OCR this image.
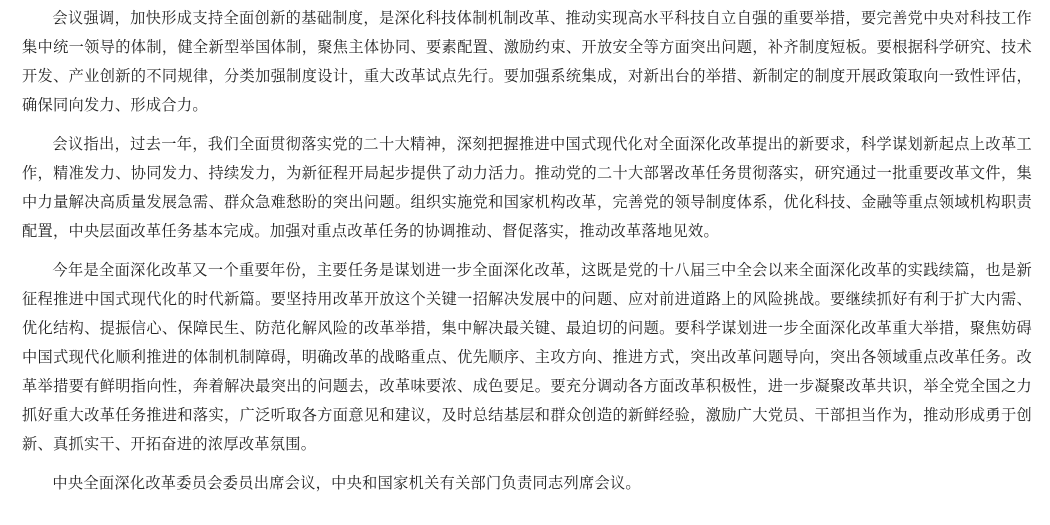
会议强调，加快形成支持全面创新的基础制度，是深化科技体制机制改革、推动实现高水平科技自立自强的重要举措，要完善党中央对科技工作集中统一领导的体制，健全新型举国体制，聚焦主体协同、要素配置、激励约束、开放安全等方面突出问题，补齐制度短板。要根据科学研究、技术开发、产业创新的不同规律，分类加强制度设计，重大改革试点先行。要加强系统集成，对新出台的举措、新制定的制度开展政策取向一致性评估，确保同向发力、形成合力。

会议指出，过去一年，我们全面贯彻落实党的二十大精神，深刻把握推进中国式现代化对全面深化改革提出的新要求，科学谋划新起点上改革工作，精准发力、协同发力、持续发力，为新征程开局起步提供了动力活力。推动党的二十大部署改革任务贯彻落实，研究通过一批重要改革文件，集中力量解决高质量发展急需、群众急难愁盼的突出问题。组织实施党和国家机构改革，完善党的领导制度体系，优化科技、金融等重点领域机构职责配置，中央层面改革任务基本完成。加强对重点改革任务的协调推动、督促落实，推动改革落地见效。

今年是全面深化改革又一个重要年份，主要任务是谋划进一步全面深化改革，这既是党的十八届三中全会以来全面深化改革的实践续篇，也是新征程推进中国式现代化的时代新篇。要坚持用改革开放这个关键一招解决发展中的问题、应对前进道路上的风险挑战。要继续抓好有利于扩大内需、优化结构、提振信心、保障民生、防范化解风险的改革举措，集中解决最关键、最迫切的问题。要科学谋划进一步全面深化改革重大举措，聚焦妨碍中国式现代化顺利推进的体制机制障碍，明确改革的战略重点、优先顺序、主攻方向、推进方式，突出改革问题导向，突出各领域重点改革任务。改革举措要有鲜明指向性，奔着解决最突出的问题去，改革味要浓、成色要足。要充分调动各方面改革积极性，进一步凝聚改革共识，举全党全国之力抓好重大改革任务推进和落实，广泛听取各方面意见和建议，及时总结基层和群众创造的新鲜经验，激励广大党员、干部担当作为，推动形成勇于创新、真抓实干、开拓奋进的浓厚改革氛围。

中央全面深化改革委员会委员出席会议，中央和国家机关有关部门负责同志列席会议。
